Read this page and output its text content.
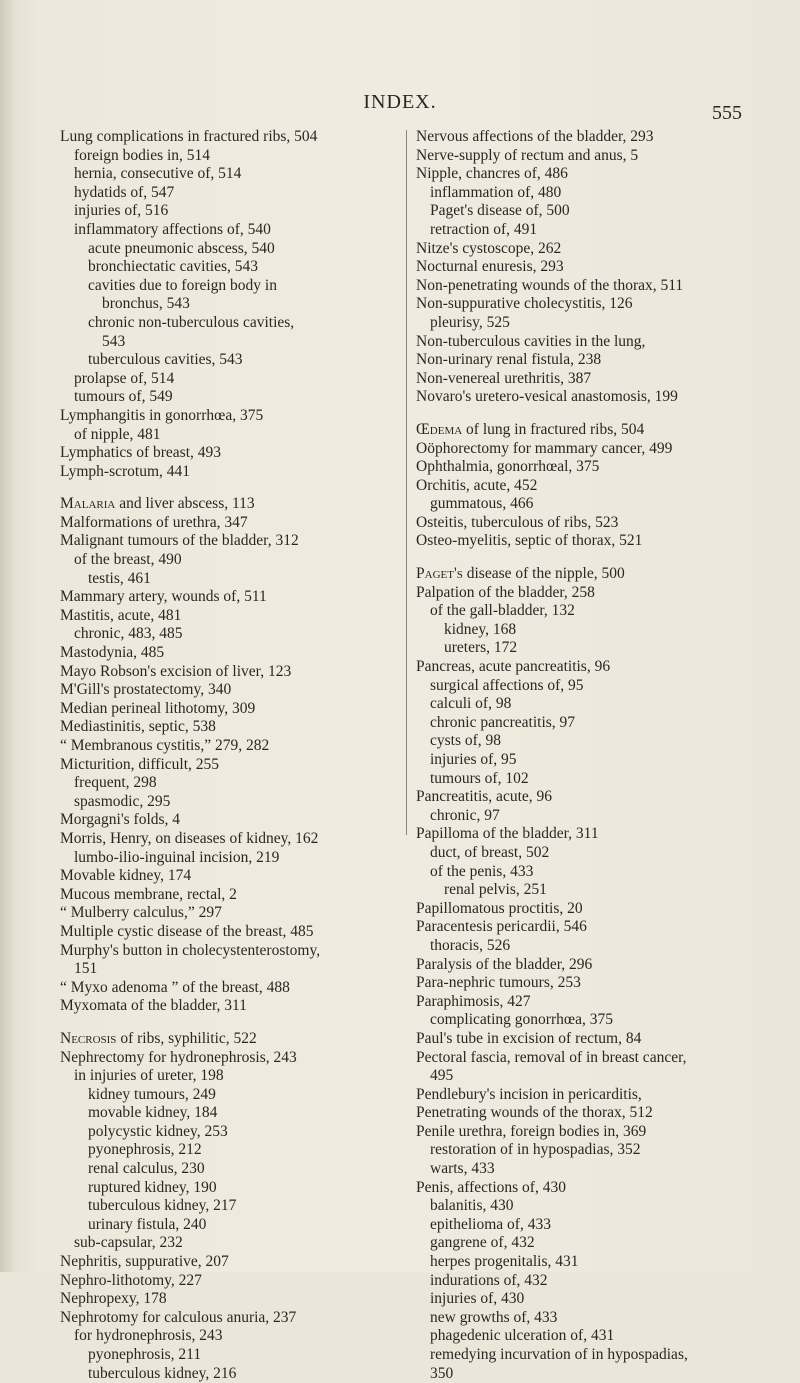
INDEX.	555
Lung complications in fractured ribs, 504
foreign bodies in, 514
hernia, consecutive of, 514
hydatids of, 547
injuries of, 516
inflammatory affections of, 540
acute pneumonic abscess, 540
bronchiectatic cavities, 543
cavities due to foreign body in
bronchus, 543
chronic non-tuberculous cavities,
543
tuberculous cavities, 543
prolapse of, 514
tumours of, 549
Lymphangitis in gonorrhœa, 375
of nipple, 481
Lymphatics of breast, 493
Lymph-scrotum, 441
Malaria and liver abscess, 113
Malformations of urethra, 347
Malignant tumours of the bladder, 312
of the breast, 490
testis, 461
Mammary artery, wounds of, 511
Mastitis, acute, 481
chronic, 483, 485
Mastodynia, 485
Mayo Robson's excision of liver, 123
M'Gill's prostatectomy, 340
Median perineal lithotomy, 309
Mediastinitis, septic, 538
“ Membranous cystitis,” 279, 282
Micturition, difficult, 255
frequent, 298
spasmodic, 295
Morgagni's folds, 4
Morris, Henry, on diseases of kidney, 162
lumbo-ilio-inguinal incision, 219
Movable kidney, 174
Mucous membrane, rectal, 2
“ Mulberry calculus,” 297
Multiple cystic disease of the breast, 485
Murphy's button in cholecystenterostomy,
151
“ Myxo adenoma ” of the breast, 488
Myxomata of the bladder, 311
Necrosis of ribs, syphilitic, 522
Nephrectomy for hydronephrosis, 243
in injuries of ureter, 198
kidney tumours, 249
movable kidney, 184
polycystic kidney, 253
pyonephrosis, 212
renal calculus, 230
ruptured kidney, 190
tuberculous kidney, 217
urinary fistula, 240
sub-capsular, 232
Nephritis, suppurative, 207
Nephro-lithotomy, 227
Nephropexy, 178
Nephrotomy for calculous anuria, 237
for hydronephrosis, 243
pyonephrosis, 211
tuberculous kidney, 216
Nervous affections of the bladder, 293
Nerve-supply of rectum and anus, 5
Nipple, chancres of, 486
inflammation of, 480
Paget's disease of, 500
retraction of, 491
Nitze's cystoscope, 262
Nocturnal enuresis, 293
Non-penetrating wounds of the thorax, 511
Non-suppurative cholecystitis, 126
pleurisy, 525
Non-tuberculous cavities in the lung,
Non-urinary renal fistula, 238
Non-venereal urethritis, 387
Novaro's uretero-vesical anastomosis, 199
Œdema of lung in fractured ribs, 504
Oöphorectomy for mammary cancer, 499
Ophthalmia, gonorrhœal, 375
Orchitis, acute, 452
gummatous, 466
Osteitis, tuberculous of ribs, 523
Osteo-myelitis, septic of thorax, 521
Paget's disease of the nipple, 500
Palpation of the bladder, 258
of the gall-bladder, 132
kidney, 168
ureters, 172
Pancreas, acute pancreatitis, 96
surgical affections of, 95
calculi of, 98
chronic pancreatitis, 97
cysts of, 98
injuries of, 95
tumours of, 102
Pancreatitis, acute, 96
chronic, 97
Papilloma of the bladder, 311
duct, of breast, 502
of the penis, 433
renal pelvis, 251
Papillomatous proctitis, 20
Paracentesis pericardii, 546
thoracis, 526
Paralysis of the bladder, 296
Para-nephric tumours, 253
Paraphimosis, 427
complicating gonorrhœa, 375
Paul's tube in excision of rectum, 84
Pectoral fascia, removal of in breast cancer,
495
Pendlebury's incision in pericarditis,
Penetrating wounds of the thorax, 512
Penile urethra, foreign bodies in, 369
restoration of in hypospadias, 352
warts, 433
Penis, affections of, 430
balanitis, 430
epithelioma of, 433
gangrene of, 432
herpes progenitalis, 431
indurations of, 432
injuries of, 430
new growths of, 433
phagedenic ulceration of, 431
remedying incurvation of in hypospadias,
350
